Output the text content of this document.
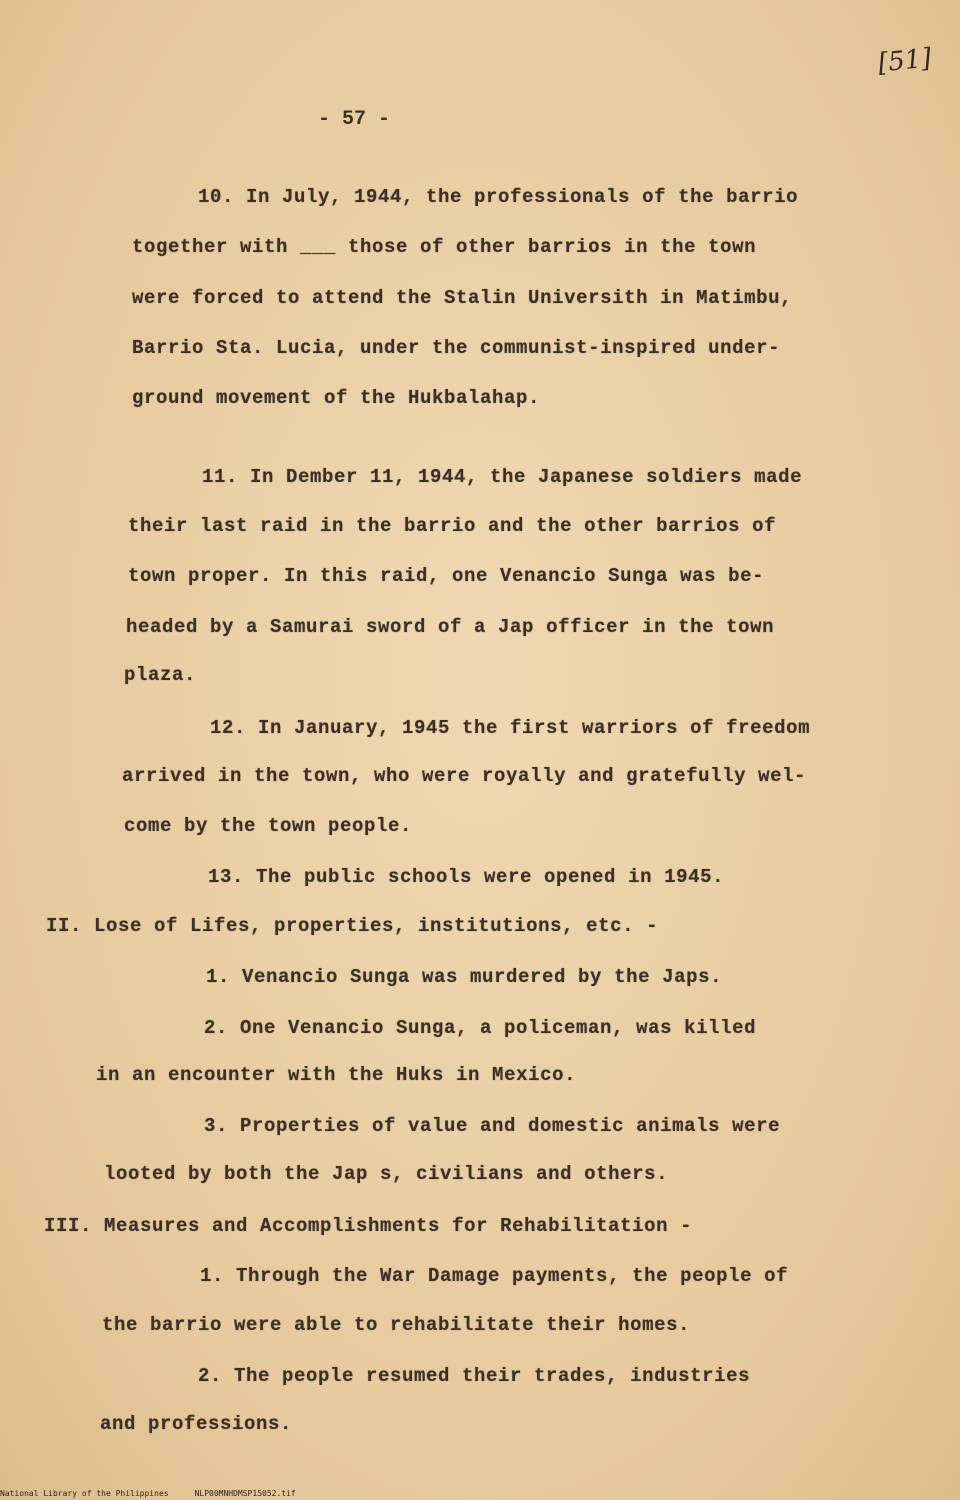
[51]
- 57 -
10. In July, 1944, the professionals of the barrio
together with ___ those of other barrios in the town
were forced to attend the Stalin Universith in Matimbu,
Barrio Sta. Lucia, under the communist-inspired under-
ground movement of the Hukbalahap.
11. In Dember 11, 1944, the Japanese soldiers made
their last raid in the barrio and the other barrios of
town proper. In this raid, one Venancio Sunga was be-
headed by a Samurai sword of a Jap officer in the town
plaza.
12. In January, 1945 the first warriors of freedom
arrived in the town, who were royally and gratefully wel-
come by the town people.
13. The public schools were opened in 1945.
II. Lose of Lifes, properties, institutions, etc. -
1. Venancio Sunga was murdered by the Japs.
2. One Venancio Sunga, a policeman, was killed
in an encounter with the Huks in Mexico.
3. Properties of value and domestic animals were
looted by both the Jap s, civilians and others.
III. Measures and Accomplishments for Rehabilitation -
1. Through the War Damage payments, the people of
the barrio were able to rehabilitate their homes.
2. The people resumed their trades, industries
and professions.
National Library of the Philippines	NLP00MNHDMSP15052.tif
